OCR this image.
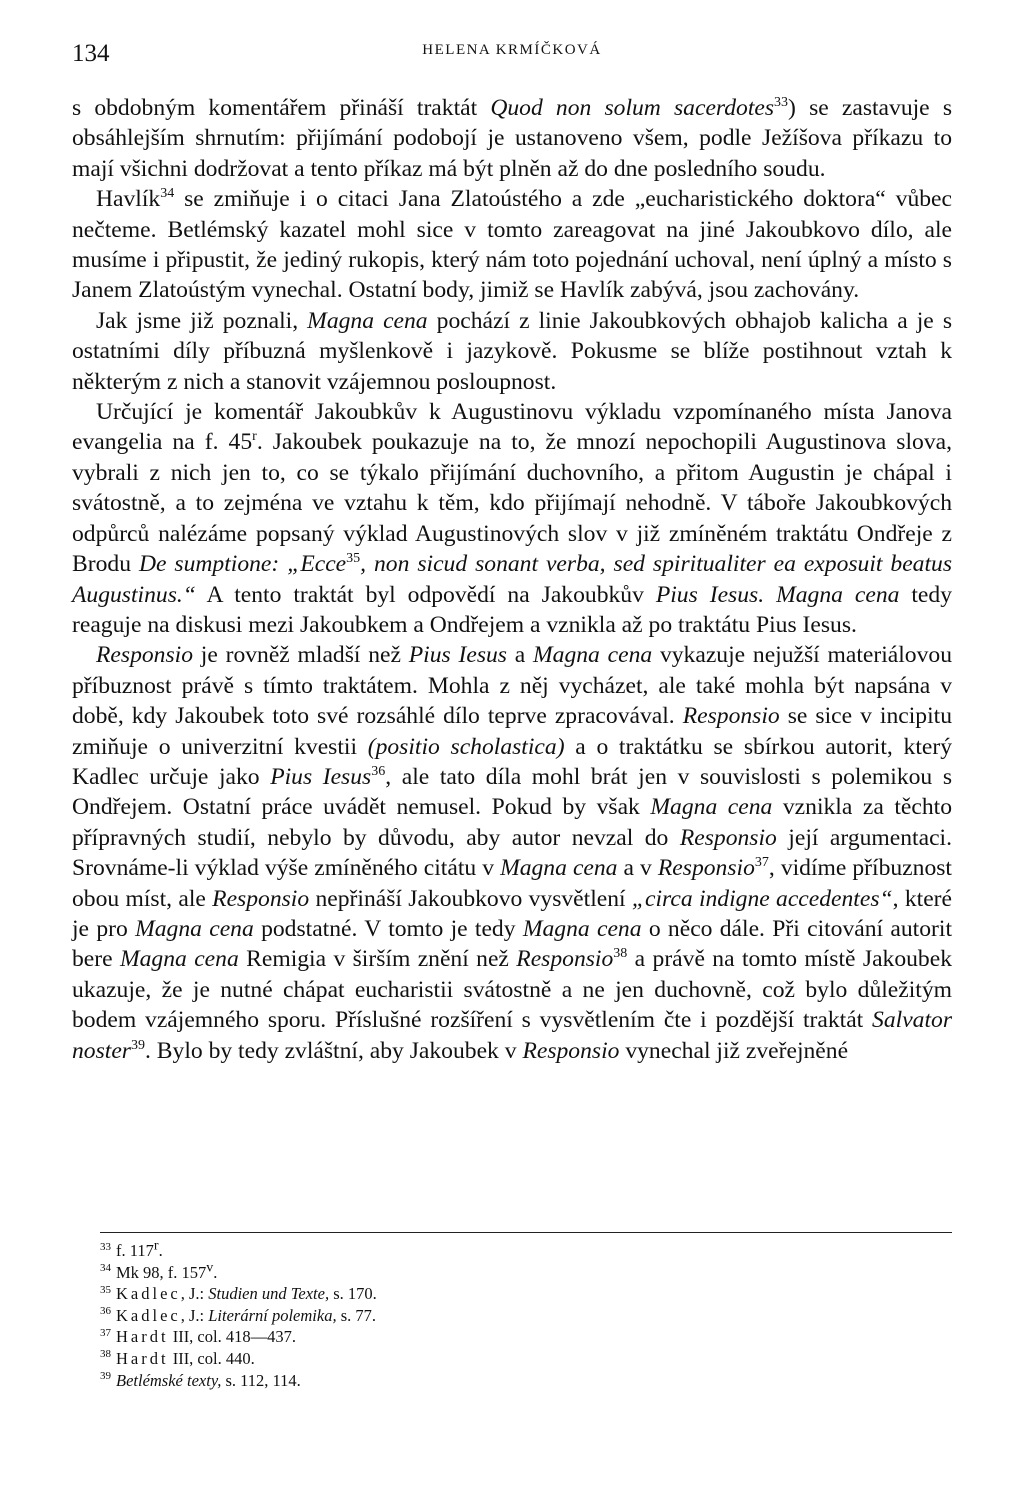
134	HELENA KRMÍČKOVÁ

s obdobným komentářem přináší traktát Quod non solum sacerdotes$^{33}$) se zastavuje s obsáhlejším shrnutím: přijímání podobojí je ustanoveno všem, podle Ježíšova příkazu to mají všichni dodržovat a tento příkaz má být plněn až do dne posledního soudu.

Havlík$^{34}$ se zmiňuje i o citaci Jana Zlatoústého a zde „eucharistického doktora“ vůbec nečteme. Betlémský kazatel mohl sice v tomto zareagovat na jiné Jakoubkovo dílo, ale musíme i připustit, že jediný rukopis, který nám toto pojednání uchoval, není úplný a místo s Janem Zlatoústým vynechal. Ostatní body, jimiž se Havlík zabývá, jsou zachovány.

Jak jsme již poznali, Magna cena pochází z linie Jakoubkových obhajob kalicha a je s ostatními díly příbuzná myšlenkově i jazykově. Pokusme se blíže postihnout vztah k některým z nich a stanovit vzájemnou posloupnost.

Určující je komentář Jakoubkův k Augustinovu výkladu vzpomínaného místa Janova evangelia na f. 45$^r$. Jakoubek poukazuje na to, že mnozí nepochopili Augustinova slova, vybrali z nich jen to, co se týkalo přijímání duchovního, a přitom Augustin je chápal i svátostně, a to zejména ve vztahu k těm, kdo přijímají nehodně. V táboře Jakoubkových odpůrců nalézáme popsaný výklad Augustinových slov v již zmíněném traktátu Ondřeje z Brodu De sumptione: „Ecce$^{35}$, non sicud sonant verba, sed spiritualiter ea exposuit beatus Augustinus.“ A tento traktát byl odpovědí na Jakoubkův Pius Iesus. Magna cena tedy reaguje na diskusi mezi Jakoubkem a Ondřejem a vznikla až po traktátu Pius Iesus.

Responsio je rovněž mladší než Pius Iesus a Magna cena vykazuje nejužší materiálovou příbuznost právě s tímto traktátem. Mohla z něj vycházet, ale také mohla být napsána v době, kdy Jakoubek toto své rozsáhlé dílo teprve zpracovával. Responsio se sice v incipitu zmiňuje o univerzitní kvestii (positio scholastica) a o traktátku se sbírkou autorit, který Kadlec určuje jako Pius Iesus$^{36}$, ale tato díla mohl brát jen v souvislosti s polemikou s Ondřejem. Ostatní práce uvádět nemusel. Pokud by však Magna cena vznikla za těchto přípravných studií, nebylo by důvodu, aby autor nevzal do Responsio její argumentaci. Srovnáme-li výklad výše zmíněného citátu v Magna cena a v Responsio$^{37}$, vidíme příbuznost obou míst, ale Responsio nepřináší Jakoubkovo vysvětlení „circa indigne accedentes“, které je pro Magna cena podstatné. V tomto je tedy Magna cena o něco dále. Při citování autorit bere Magna cena Remigia v širším znění než Responsio$^{38}$ a právě na tomto místě Jakoubek ukazuje, že je nutné chápat eucharistii svátostně a ne jen duchovně, což bylo důležitým bodem vzájemného sporu. Příslušné rozšíření s vysvětlením čte i pozdější traktát Salvator noster$^{39}$. Bylo by tedy zvláštní, aby Jakoubek v Responsio vynechal již zveřejněné

33 f. 117$^r$.
34 Mk 98, f. 157$^v$.
35 Kadlec, J.: Studien und Texte, s. 170.
36 Kadlec, J.: Literární polemika, s. 77.
37 Hardt III, col. 418—437.
38 Hardt III, col. 440.
39 Betlémské texty, s. 112, 114.
